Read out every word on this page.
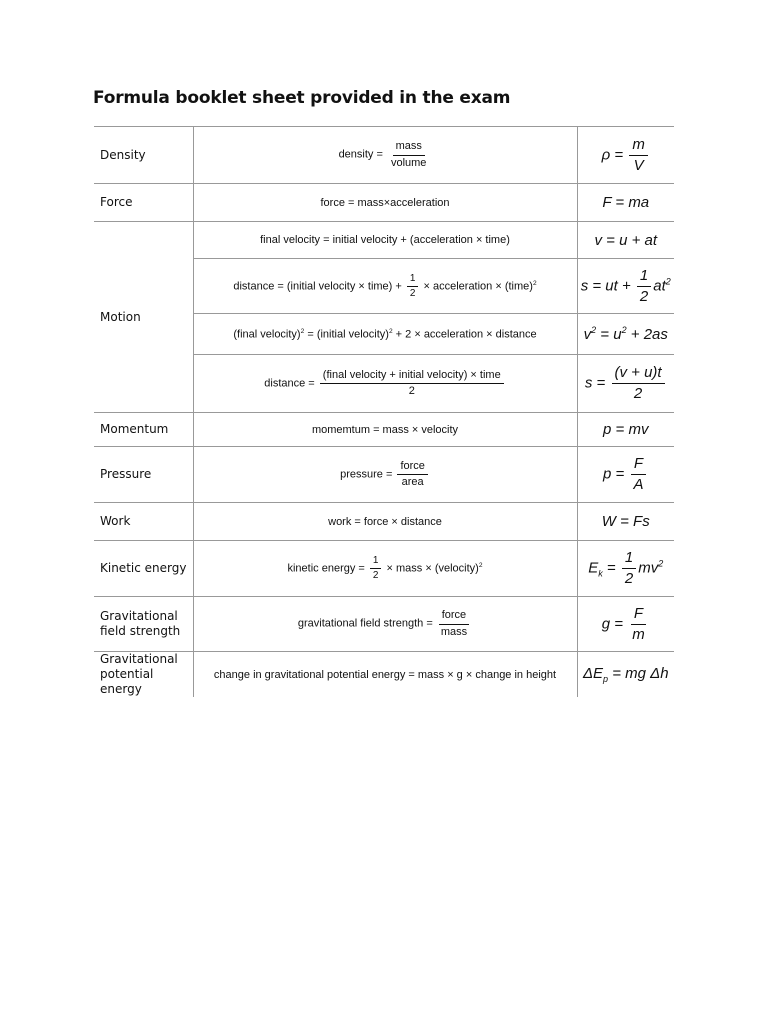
Formula booklet sheet provided in the exam
Density	density = $\frac{\text{mass}}{\text{volume}}$	$\rho = \frac{m}{V}$

Force	force = mass×acceleration	F = ma
Motion	final velocity = initial velocity + (acceleration × time)	v = u + at
	distance = (initial velocity × time) + $\frac{1}{2}$ × acceleration × (time)$^2$	s = ut + $\frac{1}{2} at^2$
	(final velocity)$^2$ = (initial velocity)$^2$ + 2 × acceleration × distance	$v^2 = u^2 + 2as$
	distance = $\frac{\text{(final velocity + initial velocity) × time}}{2}$	$s = \frac{(v + u)t}{2}$

Momentum	momemtum = mass × velocity	p = mv
Pressure	pressure = $\frac{\text{force}}{\text{area}}$	$p = \frac{F}{A}$

Work	work = force × distance	W = Fs
Kinetic energy	kinetic energy = $\frac{1}{2}$ × mass × (velocity)$^2$	$E_k = \frac{1}{2} mv^2$
Gravitational
field strength	gravitational field strength = $\frac{\text{force}}{\text{mass}}$	$g = \frac{F}{m}$

Gravitational
potential energy	change in gravitational potential energy = mass × g × change in height	$\Delta E_p$ = mg Δh
